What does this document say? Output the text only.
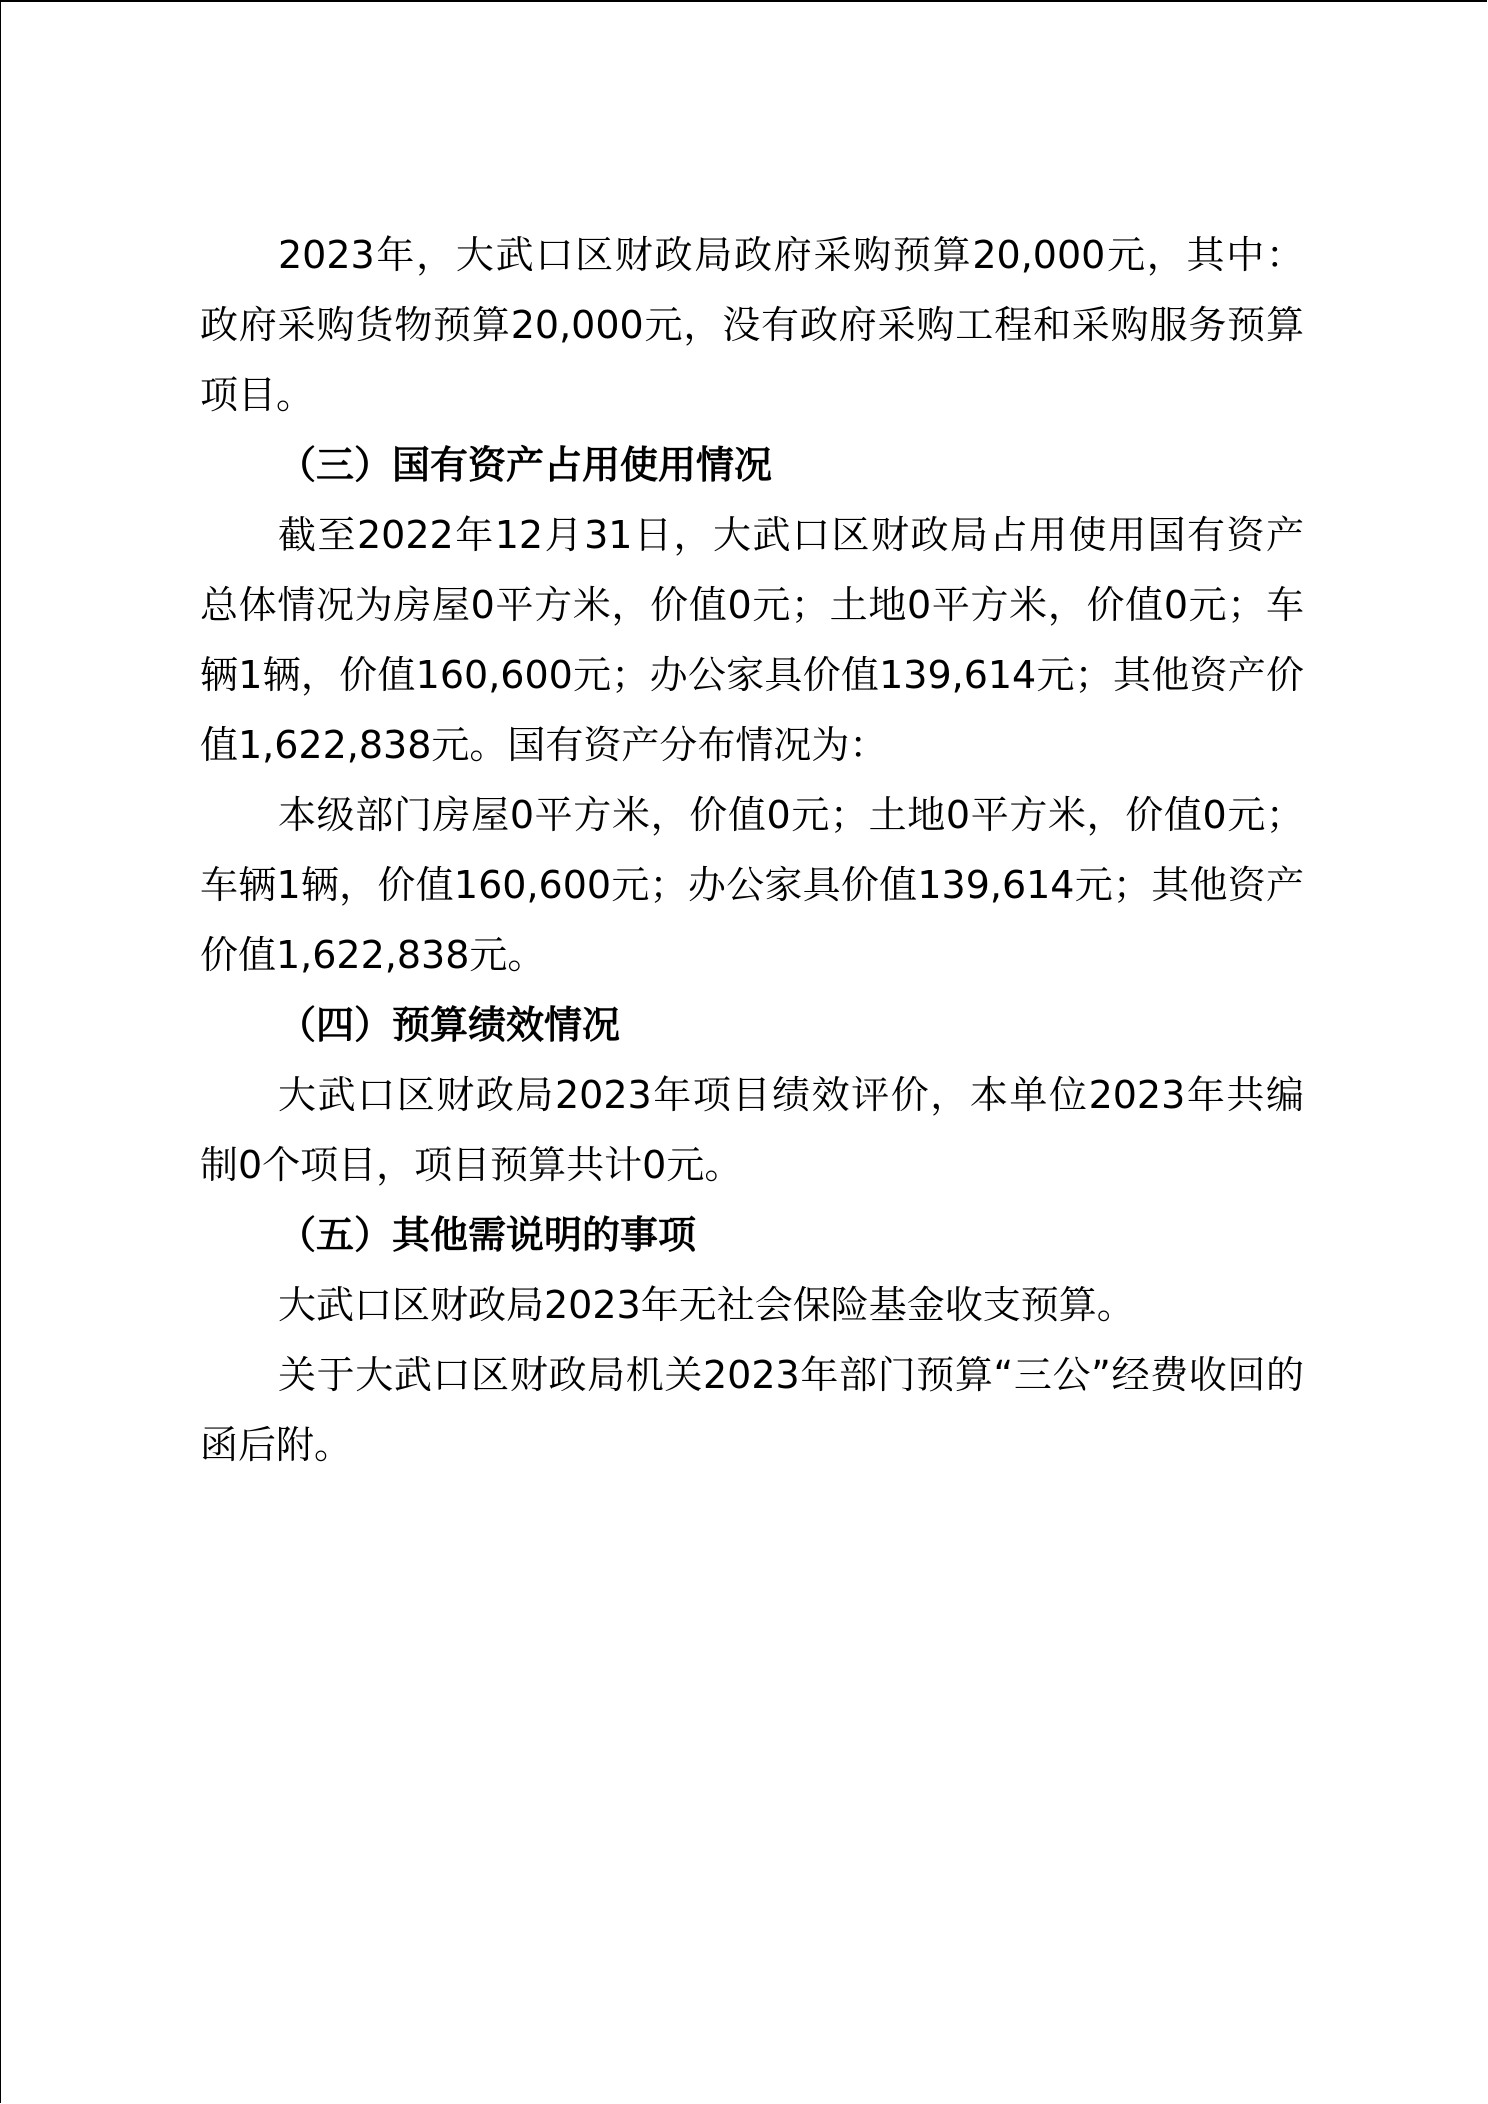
2023年，大武口区财政局政府采购预算20,000元，其中：政府采购货物预算20,000元，没有政府采购工程和采购服务预算项目。

（三）国有资产占用使用情况

截至2022年12月31日，大武口区财政局占用使用国有资产总体情况为房屋0平方米，价值0元；土地0平方米，价值0元；车辆1辆，价值160,600元；办公家具价值139,614元；其他资产价值1,622,838元。国有资产分布情况为：

本级部门房屋0平方米，价值0元；土地0平方米，价值0元；车辆1辆，价值160,600元；办公家具价值139,614元；其他资产价值1,622,838元。

（四）预算绩效情况

大武口区财政局2023年项目绩效评价，本单位2023年共编制0个项目，项目预算共计0元。

（五）其他需说明的事项

大武口区财政局2023年无社会保险基金收支预算。

关于大武口区财政局机关2023年部门预算“三公”经费收回的函后附。
